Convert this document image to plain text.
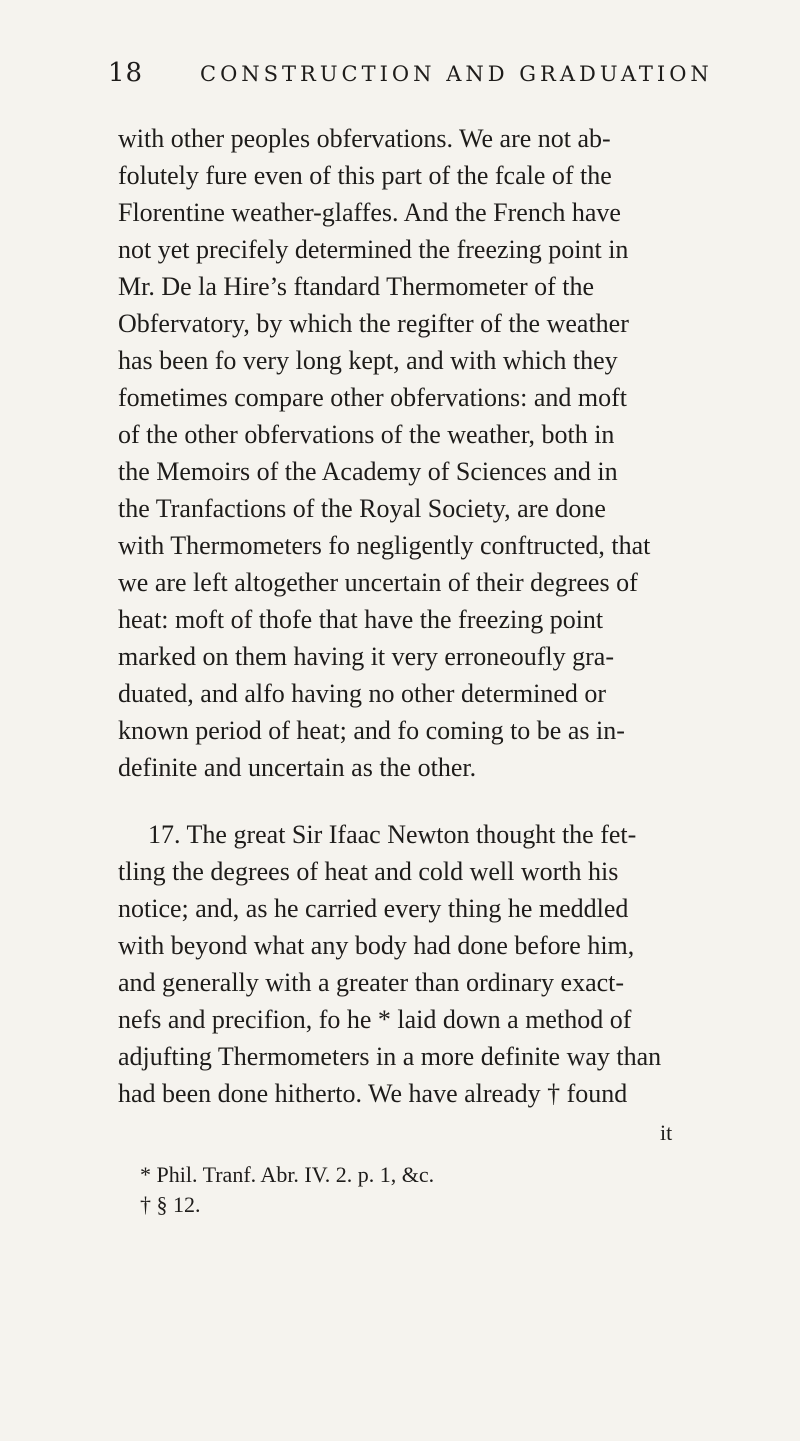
18	CONSTRUCTION AND GRADUATION
with other peoples obfervations. We are not ab-
folutely fure even of this part of the fcale of the
Florentine weather-glaffes. And the French have
not yet precifely determined the freezing point in
Mr. De la Hire’s ftandard Thermometer of the
Obfervatory, by which the regifter of the weather
has been fo very long kept, and with which they
fometimes compare other obfervations: and moft
of the other obfervations of the weather, both in
the Memoirs of the Academy of Sciences and in
the Tranfactions of the Royal Society, are done
with Thermometers fo negligently conftructed, that
we are left altogether uncertain of their degrees of
heat: moft of thofe that have the freezing point
marked on them having it very erroneoufly gra-
duated, and alfo having no other determined or
known period of heat; and fo coming to be as in-
definite and uncertain as the other.
17. The great Sir Ifaac Newton thought the fet-
tling the degrees of heat and cold well worth his
notice; and, as he carried every thing he meddled
with beyond what any body had done before him,
and generally with a greater than ordinary exact-
nefs and precifion, fo he * laid down a method of
adjufting Thermometers in a more definite way than
had been done hitherto. We have already † found
it
* Phil. Tranf. Abr. IV. 2. p. 1, &c.
† § 12.
